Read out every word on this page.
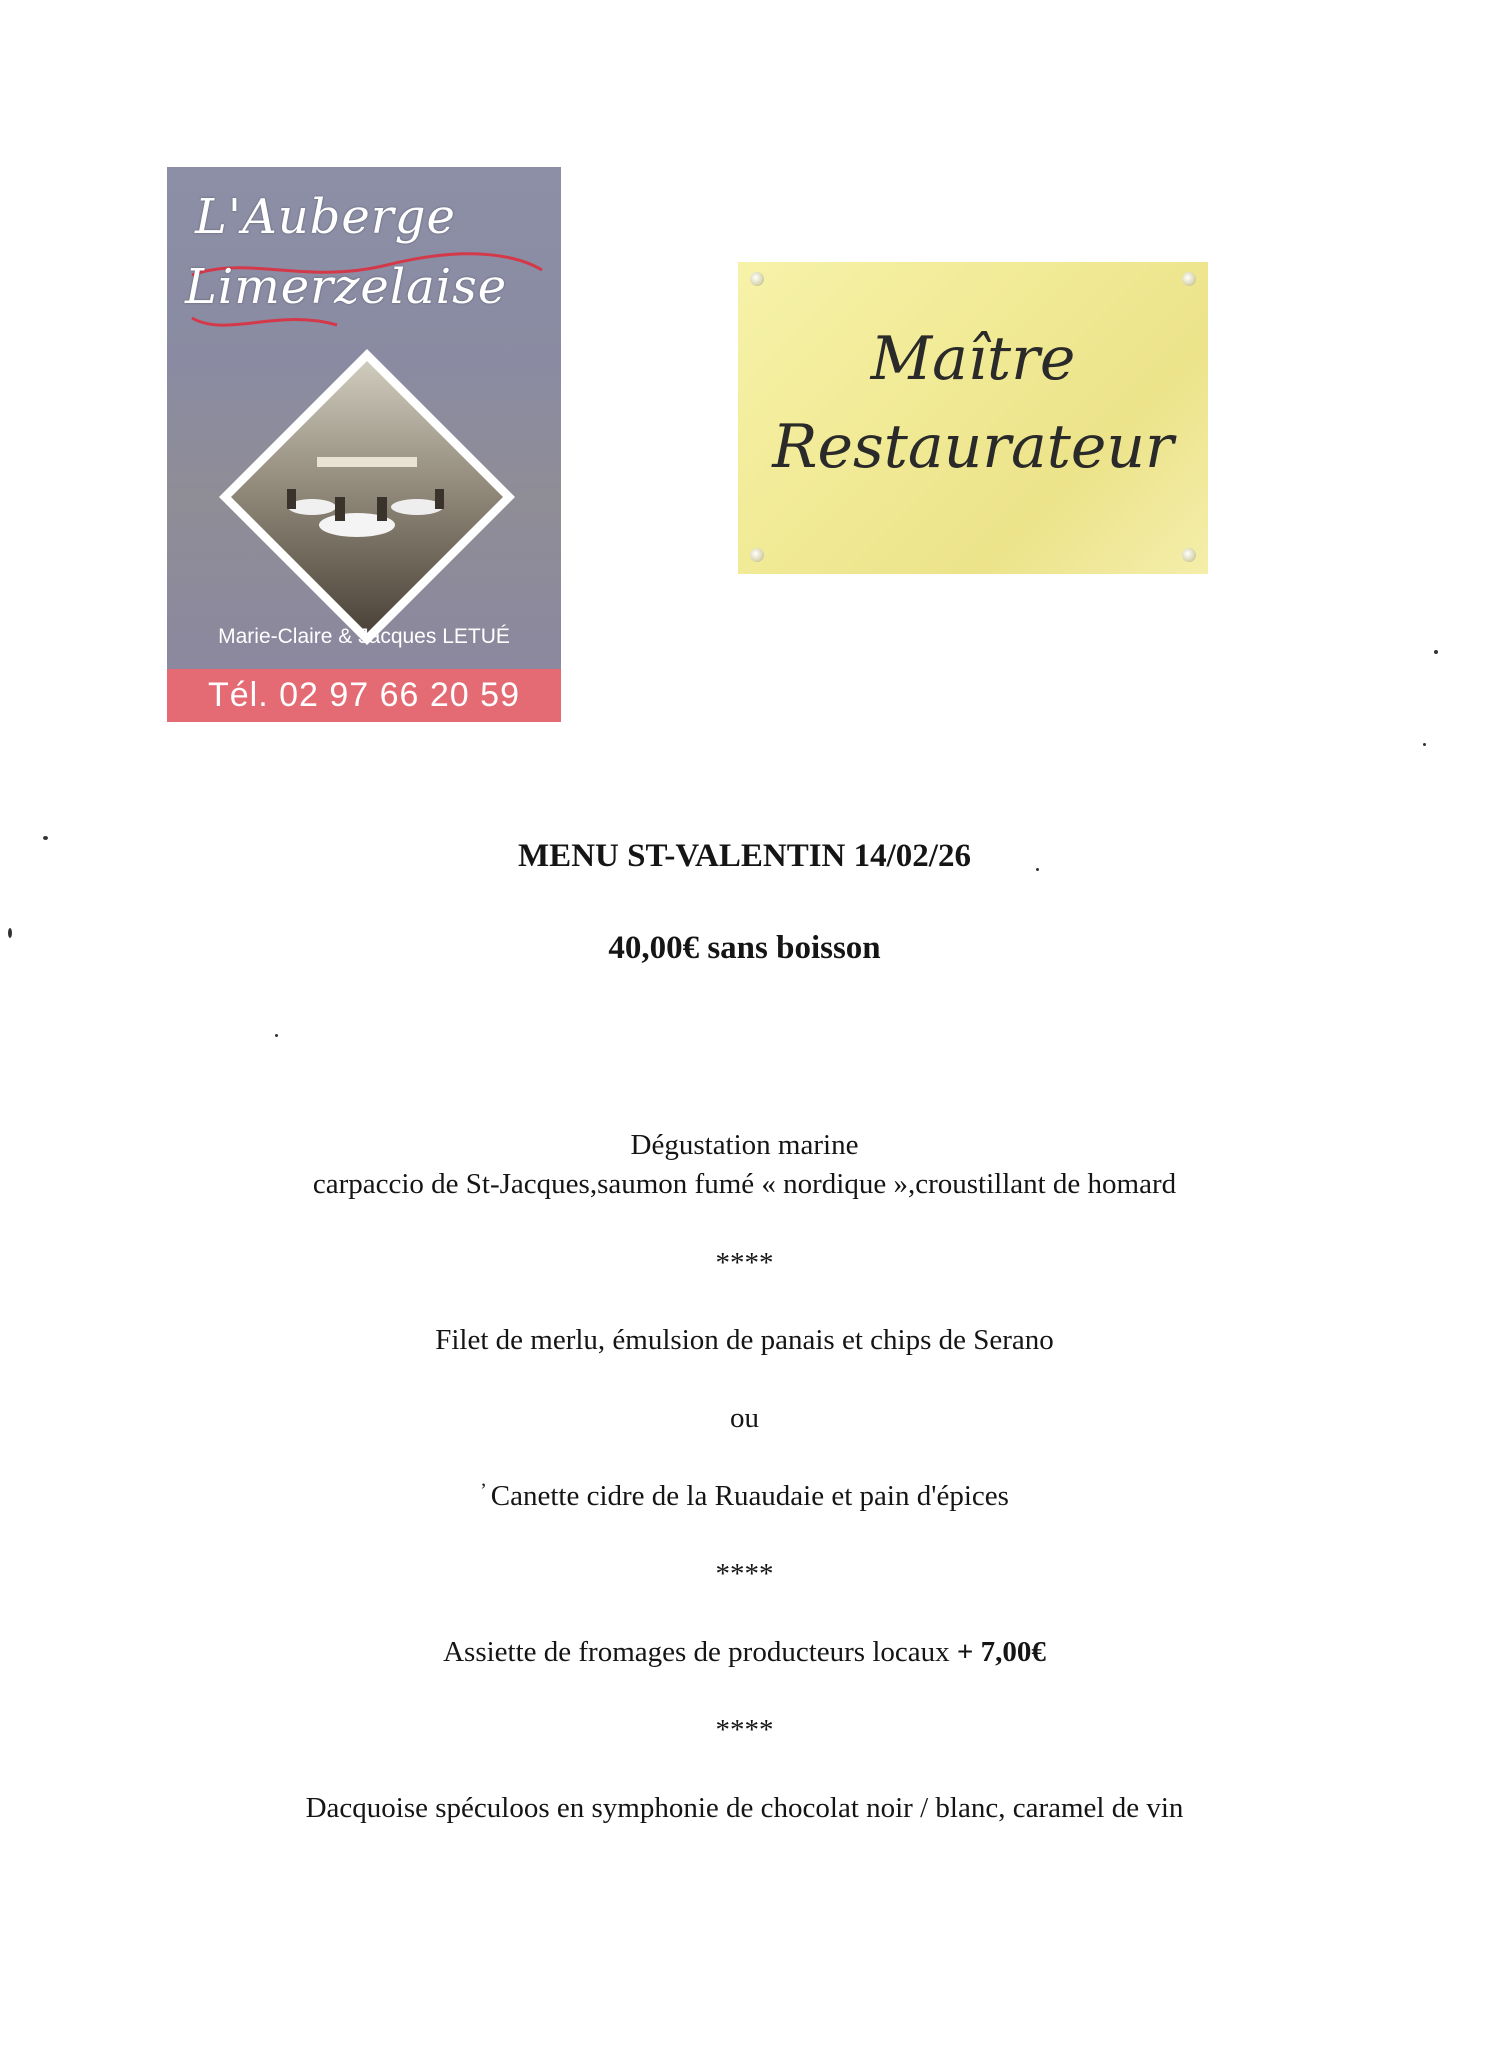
L'Auberge
Limerzelaise
Marie-Claire & Jacques LETUÉ
Tél. 02 97 66 20 59
Maître
Restaurateur
MENU ST-VALENTIN 14/02/26
40,00€ sans boisson
Dégustation marine
carpaccio de St-Jacques,saumon fumé « nordique »,croustillant de homard
****
Filet de merlu, émulsion de panais et chips de Serano
ou
$^ʼ$ Canette cidre de la Ruaudaie et pain d'épices
****
Assiette de fromages de producteurs locaux + 7,00€
****
Dacquoise spéculoos en symphonie de chocolat noir / blanc, caramel de vin
